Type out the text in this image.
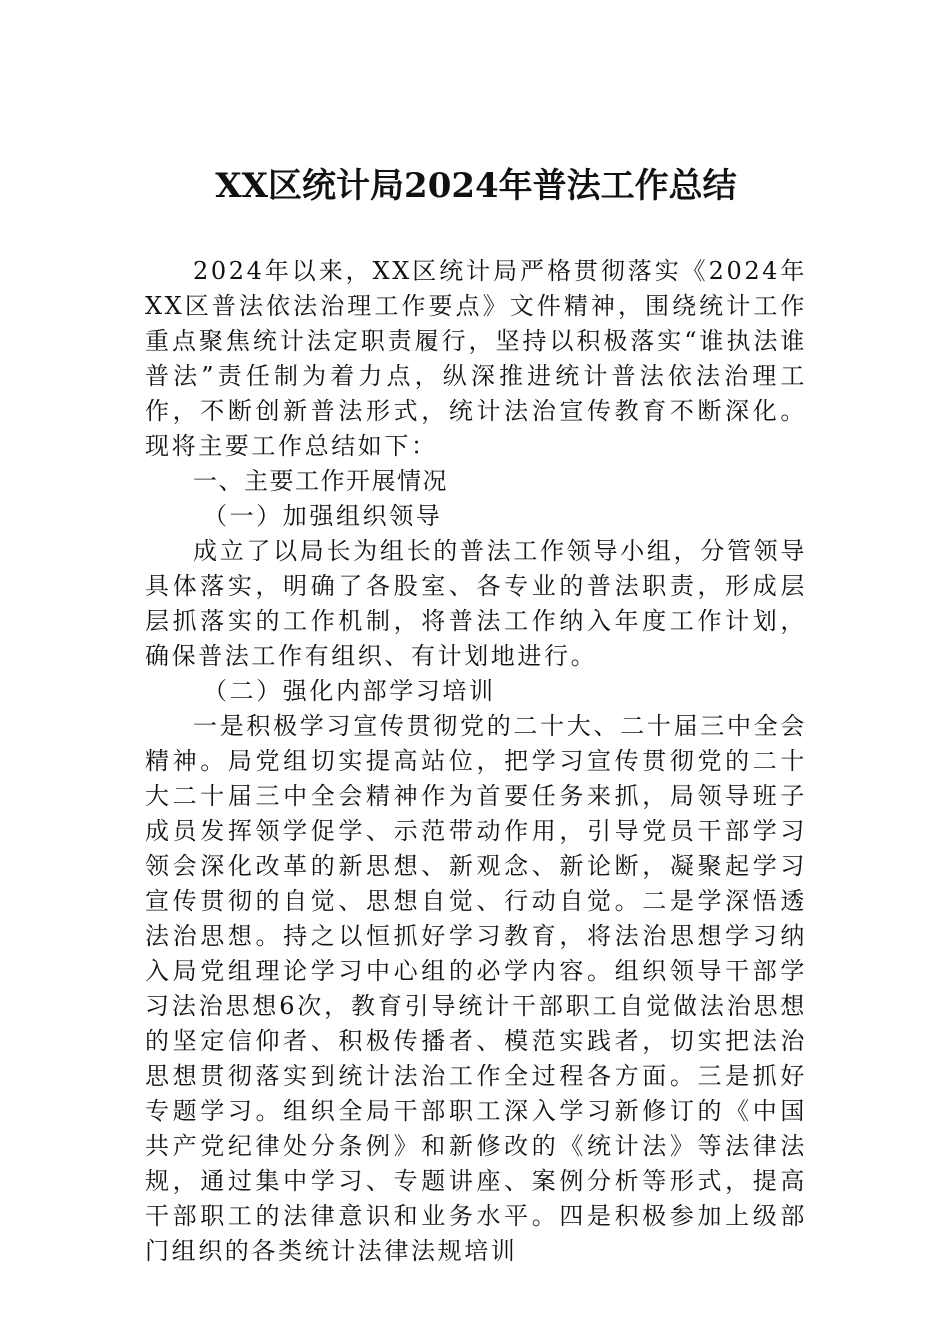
XX区统计局2024年普法工作总结

2024年以来，XX区统计局严格贯彻落实《2024年XX区普法依法治理工作要点》文件精神，围绕统计工作重点聚焦统计法定职责履行，坚持以积极落实“谁执法谁普法”责任制为着力点，纵深推进统计普法依法治理工作，不断创新普法形式，统计法治宣传教育不断深化。现将主要工作总结如下：

一、主要工作开展情况

（一）加强组织领导

成立了以局长为组长的普法工作领导小组，分管领导具体落实，明确了各股室、各专业的普法职责，形成层层抓落实的工作机制，将普法工作纳入年度工作计划，确保普法工作有组织、有计划地进行。

（二）强化内部学习培训

一是积极学习宣传贯彻党的二十大、二十届三中全会精神。局党组切实提高站位，把学习宣传贯彻党的二十大二十届三中全会精神作为首要任务来抓，局领导班子成员发挥领学促学、示范带动作用，引导党员干部学习领会深化改革的新思想、新观念、新论断，凝聚起学习宣传贯彻的自觉、思想自觉、行动自觉。二是学深悟透法治思想。持之以恒抓好学习教育，将法治思想学习纳入局党组理论学习中心组的必学内容。组织领导干部学习法治思想6次，教育引导统计干部职工自觉做法治思想的坚定信仰者、积极传播者、模范实践者，切实把法治思想贯彻落实到统计法治工作全过程各方面。三是抓好专题学习。组织全局干部职工深入学习新修订的《中国共产党纪律处分条例》和新修改的《统计法》等法律法规，通过集中学习、专题讲座、案例分析等形式，提高干部职工的法律意识和业务水平。四是积极参加上级部门组织的各类统计法律法规培训
